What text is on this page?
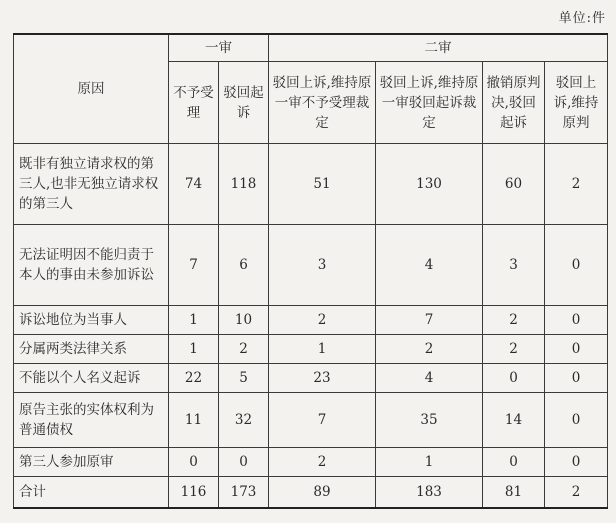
单位:件
原因	一审		二审			
	不予受理	驳回起诉	驳回上诉,维持原一审不予受理裁定	驳回上诉,维持原一审驳回起诉裁定	撤销原判决,驳回起诉	驳回上诉,维持原判
既非有独立请求权的第三人,也非无独立请求权的第三人	74	118	51	130	60	2
无法证明因不能归责于本人的事由未参加诉讼	7	6	3	4	3	0
诉讼地位为当事人	1	10	2	7	2	0
分属两类法律关系	1	2	1	2	2	0
不能以个人名义起诉	22	5	23	4	0	0
原告主张的实体权利为普通债权	11	32	7	35	14	0
第三人参加原审	0	0	2	1	0	0
合计	116	173	89	183	81	2
